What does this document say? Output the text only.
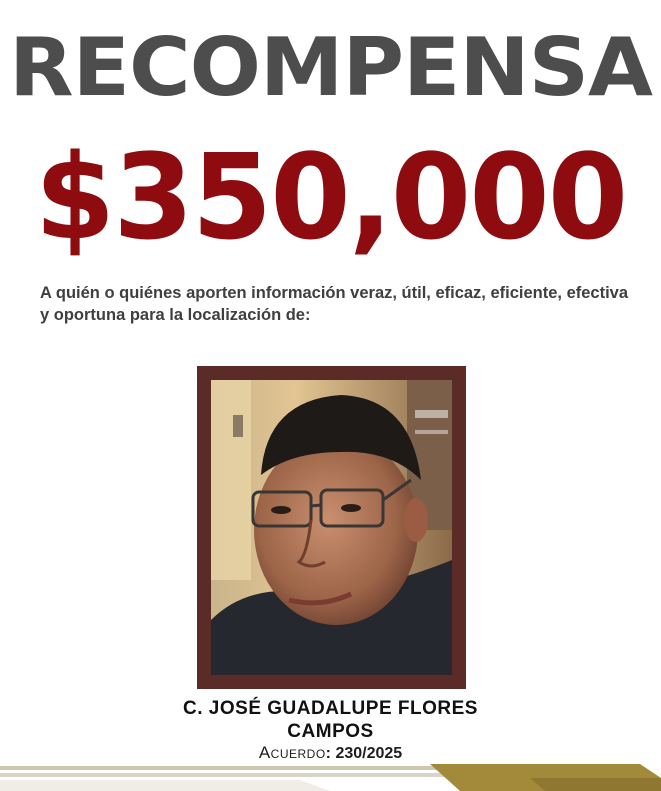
RECOMPENSA
$350,000
A quién o quiénes aporten información veraz, útil, eficaz, eficiente, efectiva y oportuna para la localización de:
C. JOSÉ GUADALUPE FLORES
CAMPOS
Acuerdo: 230/2025
